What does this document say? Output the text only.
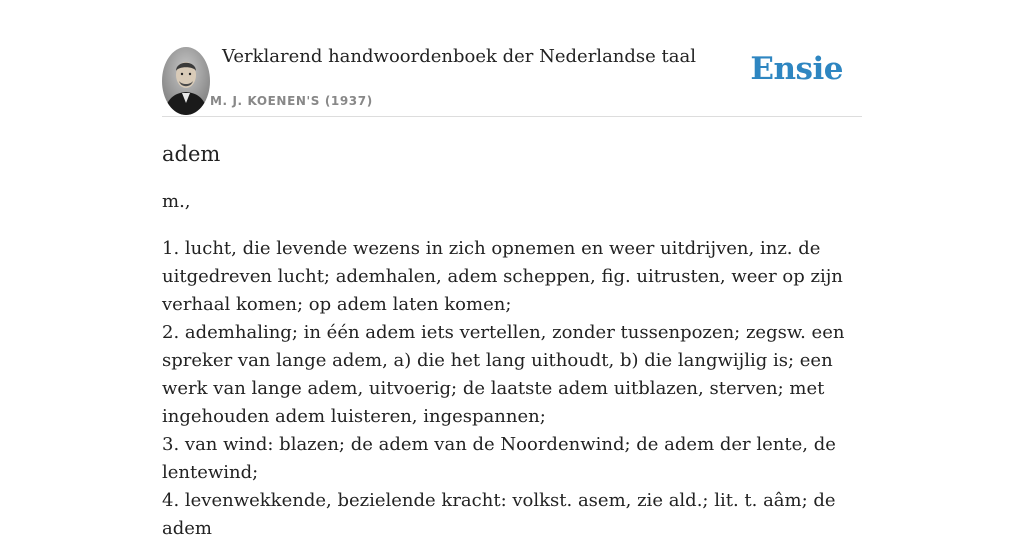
Verklarend handwoordenboek der Nederlandse taal
M. J. KOENEN'S (1937)
Ensie
adem

m.,

1. lucht, die levende wezens in zich opnemen en weer uitdrijven, inz. de uitgedreven lucht; ademhalen, adem scheppen, fig. uitrusten, weer op zijn verhaal komen; op adem laten komen;
2. ademhaling; in één adem iets vertellen, zonder tussenpozen; zegsw. een spreker van lange adem, a) die het lang uithoudt, b) die langwijlig is; een werk van lange adem, uitvoerig; de laatste adem uitblazen, sterven; met ingehouden adem luisteren, ingespannen;
3. van wind: blazen; de adem van de Noordenwind; de adem der lente, de lentewind;
4. levenwekkende, bezielende kracht: volkst. asem, zie ald.; lit. t. aâm; de adem
